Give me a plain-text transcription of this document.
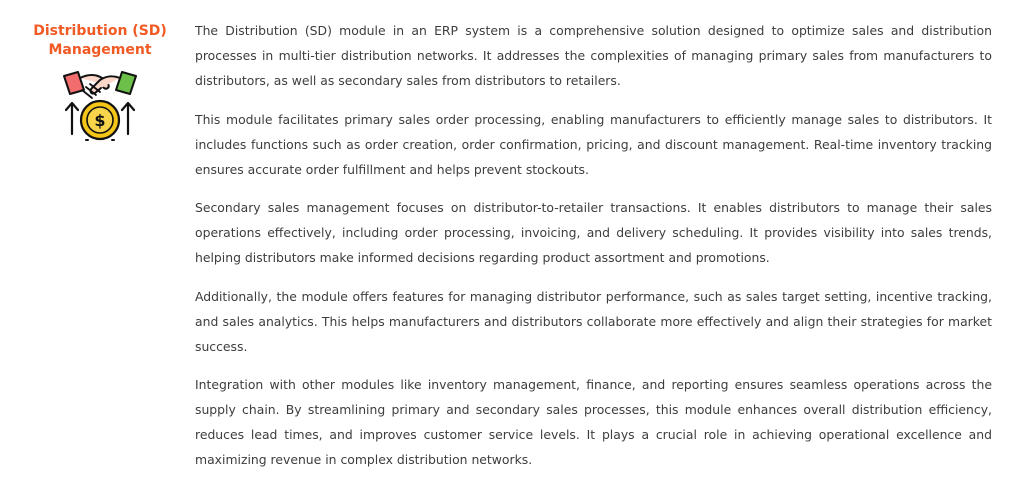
Distribution (SD)
Management

$

The Distribution (SD) module in an ERP system is a comprehensive solution designed to optimize sales and distribution processes in multi-tier distribution networks. It addresses the complexities of managing primary sales from manufacturers to distributors, as well as secondary sales from distributors to retailers.

This module facilitates primary sales order processing, enabling manufacturers to efficiently manage sales to distributors. It includes functions such as order creation, order confirmation, pricing, and discount management. Real-time inventory tracking ensures accurate order fulfillment and helps prevent stockouts.

Secondary sales management focuses on distributor-to-retailer transactions. It enables distributors to manage their sales operations effectively, including order processing, invoicing, and delivery scheduling. It provides visibility into sales trends, helping distributors make informed decisions regarding product assortment and promotions.

Additionally, the module offers features for managing distributor performance, such as sales target setting, incentive tracking, and sales analytics. This helps manufacturers and distributors collaborate more effectively and align their strategies for market success.

Integration with other modules like inventory management, finance, and reporting ensures seamless operations across the supply chain. By streamlining primary and secondary sales processes, this module enhances overall distribution efficiency, reduces lead times, and improves customer service levels. It plays a crucial role in achieving operational excellence and maximizing revenue in complex distribution networks.
